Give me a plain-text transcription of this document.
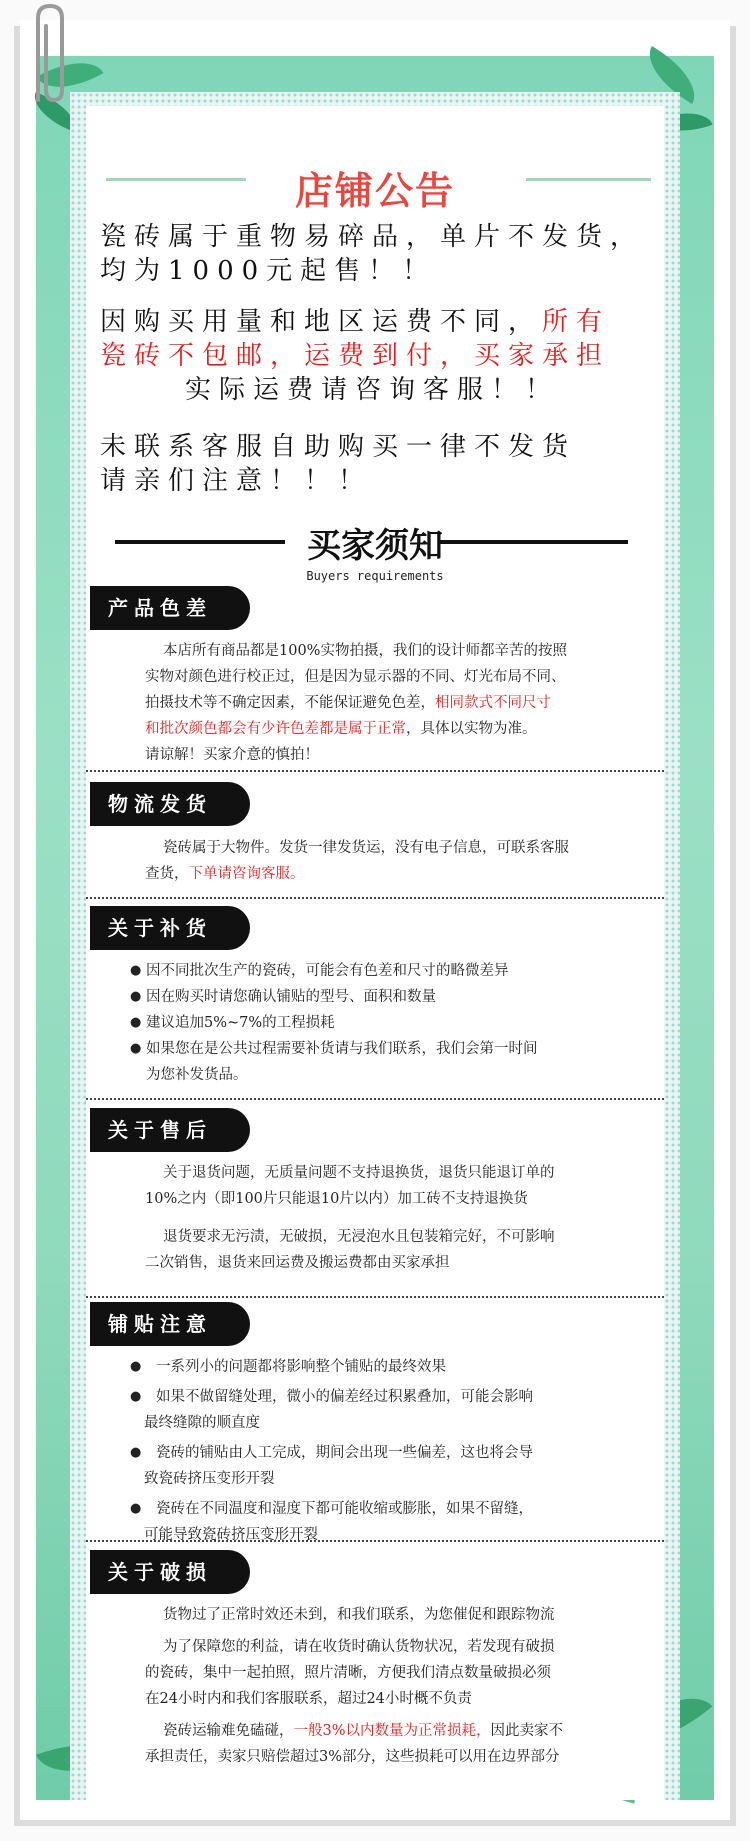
店铺公告
瓷砖属于重物易碎品，单片不发货，
均为1000元起售！！
因购买用量和地区运费不同，所有
瓷砖不包邮，运费到付，买家承担
实际运费请咨询客服！！
未联系客服自助购买一律不发货
请亲们注意！！！
买家须知
Buyers requirements
产品色差
本店所有商品都是100%实物拍摄，我们的设计师都辛苦的按照
实物对颜色进行校正过，但是因为显示器的不同、灯光布局不同、
拍摄技术等不确定因素，不能保证避免色差，相同款式不同尺寸
和批次颜色都会有少许色差都是属于正常，具体以实物为准。
请谅解！买家介意的慎拍！
物流发货
瓷砖属于大物件。发货一律发货运，没有电子信息，可联系客服
查货，下单请咨询客服。
关于补货
● 因不同批次生产的瓷砖，可能会有色差和尺寸的略微差异
● 因在购买时请您确认铺贴的型号、面积和数量
● 建议追加5%~7%的工程损耗
● 如果您在是公共过程需要补货请与我们联系，我们会第一时间
为您补发货品。
关于售后
关于退货问题，无质量问题不支持退换货，退货只能退订单的
10%之内（即100片只能退10片以内）加工砖不支持退换货
退货要求无污渍，无破损，无浸泡水且包装箱完好，不可影响
二次销售，退货来回运费及搬运费都由买家承担
铺贴注意
● 一系列小的问题都将影响整个铺贴的最终效果
● 如果不做留缝处理，微小的偏差经过积累叠加，可能会影响
最终缝隙的顺直度
● 瓷砖的铺贴由人工完成，期间会出现一些偏差，这也将会导
致瓷砖挤压变形开裂
● 瓷砖在不同温度和湿度下都可能收缩或膨胀，如果不留缝，
可能导致瓷砖挤压变形开裂
关于破损
货物过了正常时效还未到，和我们联系，为您催促和跟踪物流
为了保障您的利益，请在收货时确认货物状况，若发现有破损
的瓷砖，集中一起拍照，照片清晰，方便我们清点数量破损必须
在24小时内和我们客服联系，超过24小时概不负责
瓷砖运输难免磕碰，一般3%以内数量为正常损耗，因此卖家不
承担责任，卖家只赔偿超过3%部分，这些损耗可以用在边界部分
